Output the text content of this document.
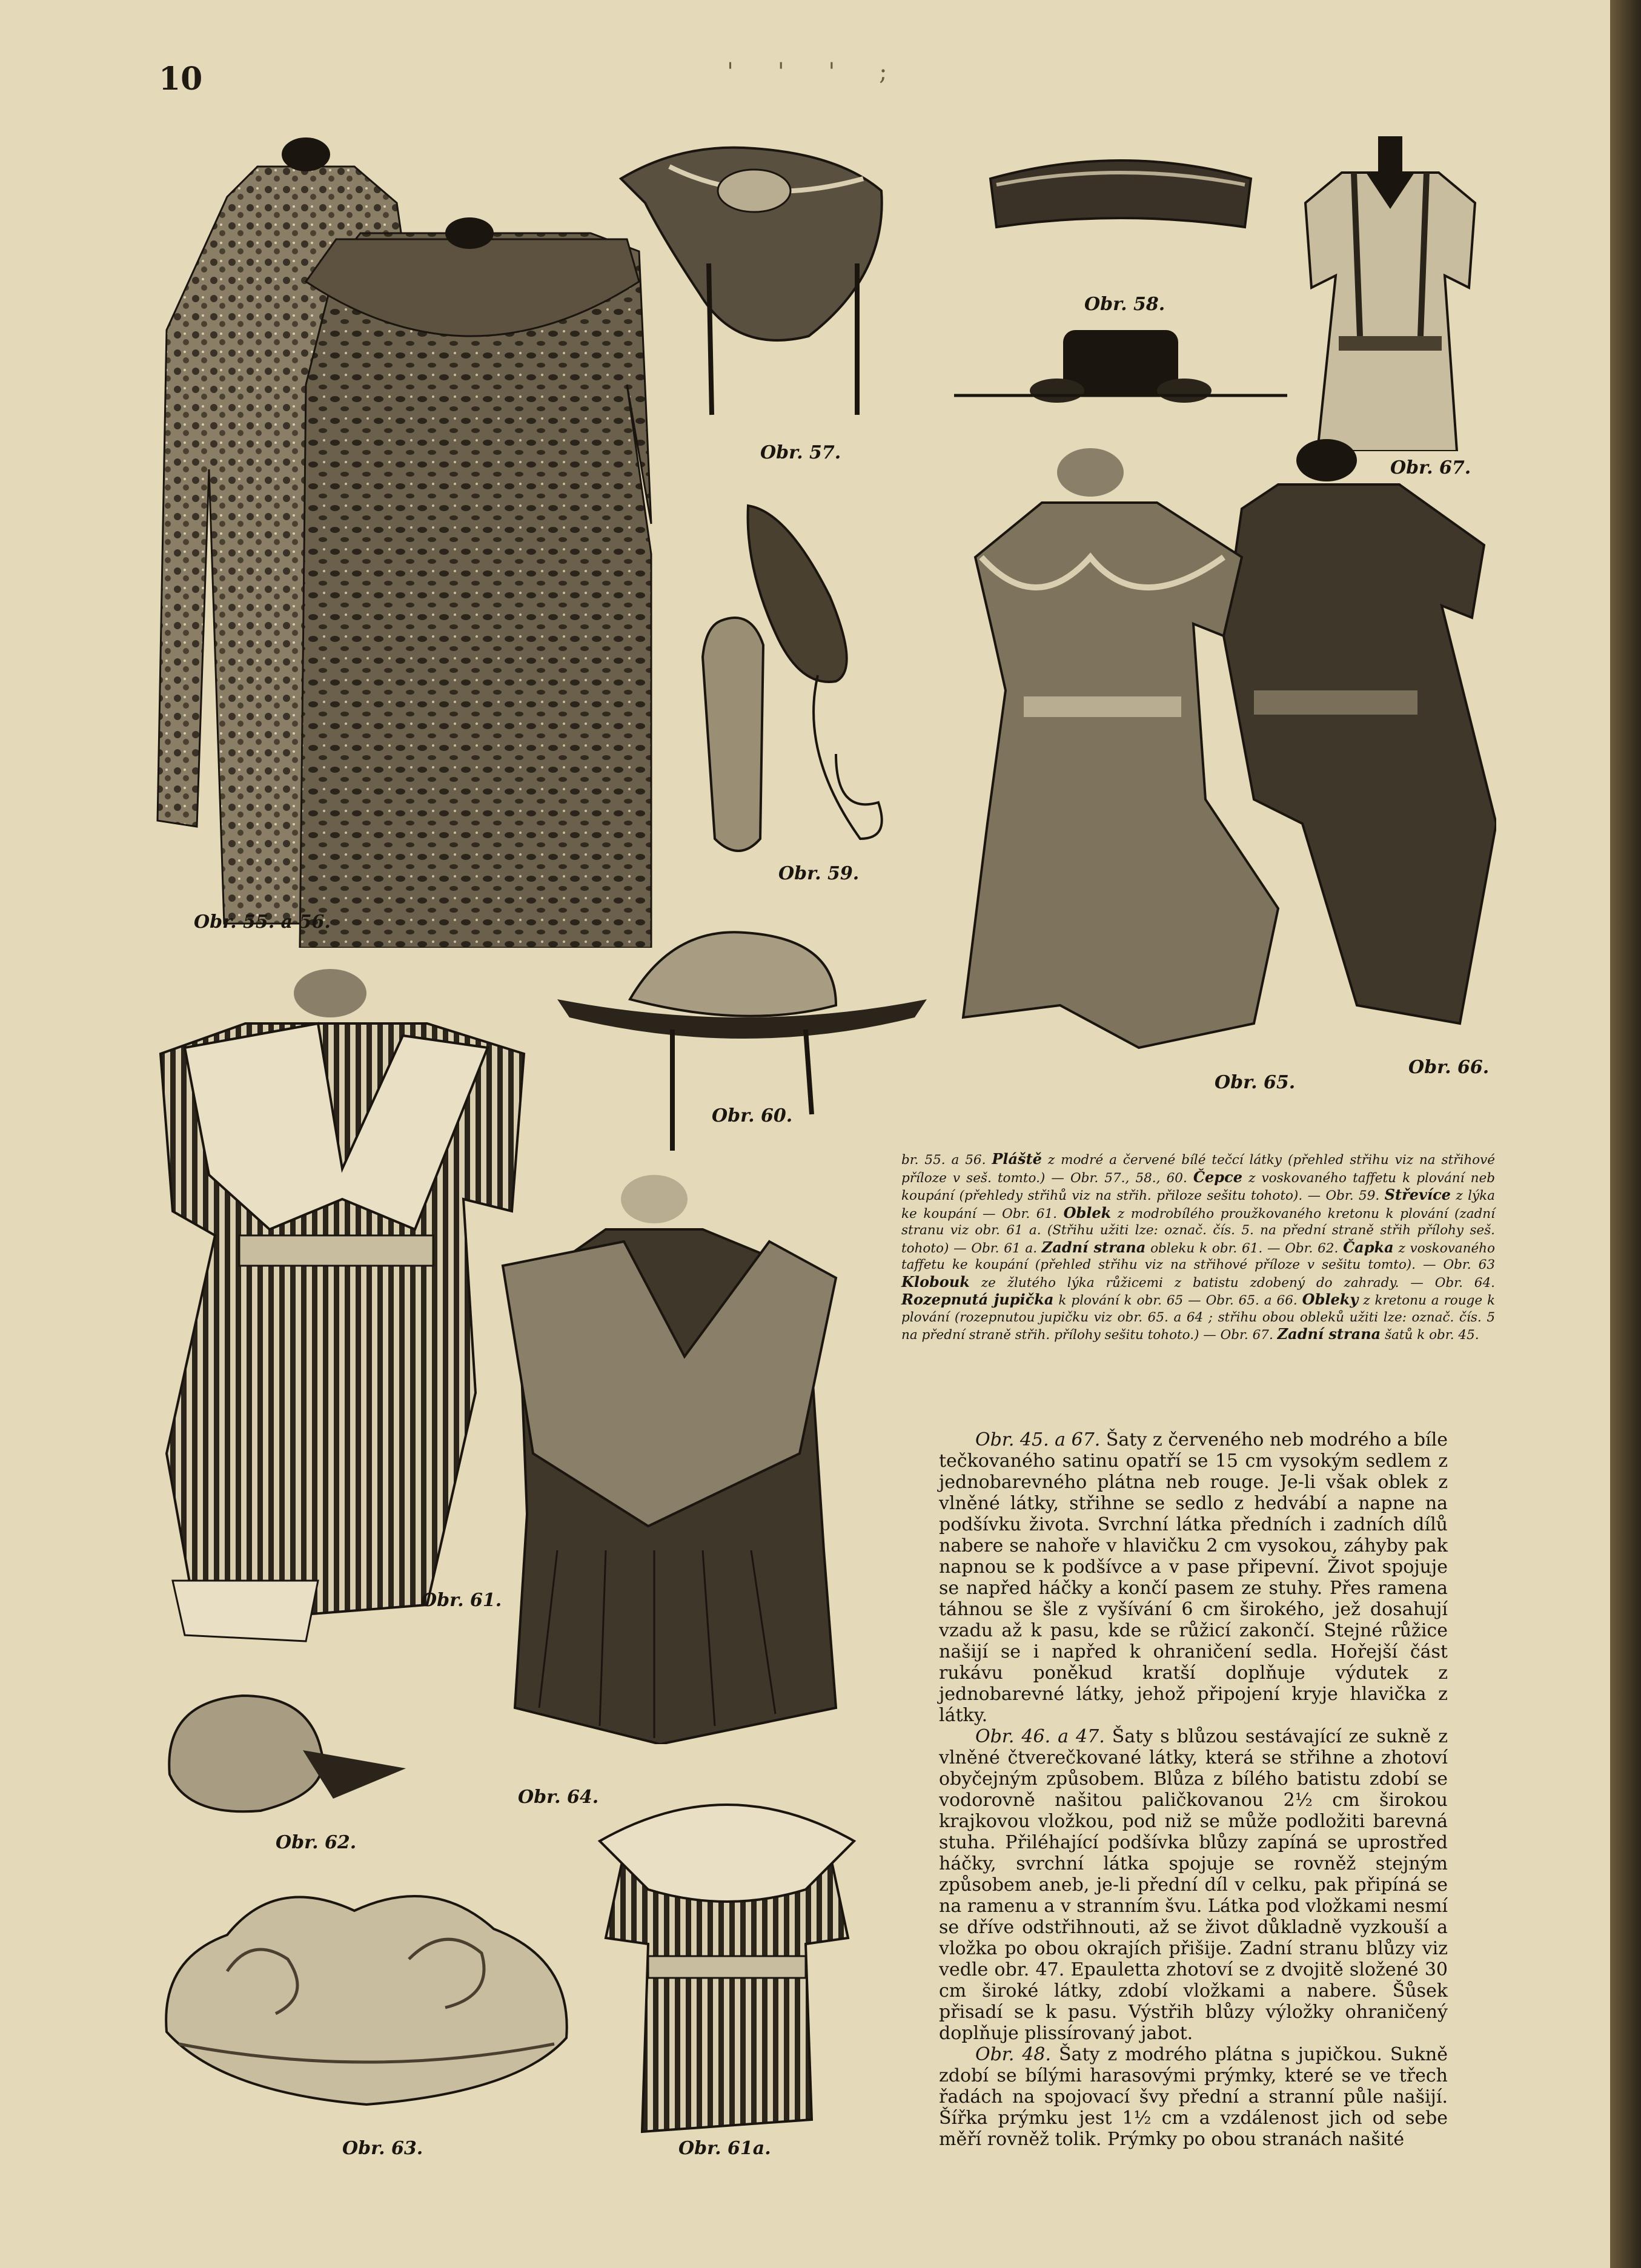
10	' ' ' ;
Obr. 55. a 56.
Obr. 57.
Obr. 58.
Obr. 59.
Obr. 67.
Obr. 65.
Obr. 66.
Obr. 60.
Obr. 61.
Obr. 64.
Obr. 62.
Obr. 63.	Obr. 61a.
br. 55. a 56. Pláště z modré a červené bílé tečcí látky (přehled střihu viz na střihové příloze v seš. tomto.) — Obr. 57., 58., 60. Čepce z voskovaného taffetu k plování neb koupání (přehledy střihů viz na střih. přiloze sešitu tohoto). — Obr. 59. Střevíce z lýka ke koupání — Obr. 61. Oblek z modrobílého proužkovaného kretonu k plování (zadní stranu viz obr. 61 a. (Střihu užiti lze: označ. čís. 5. na přední straně střih přílohy seš. tohoto) — Obr. 61 a. Zadní strana obleku k obr. 61. — Obr. 62. Čapka z voskovaného taffetu ke koupání (přehled střihu viz na střihové příloze v sešitu tomto). — Obr. 63 Klobouk ze žlutého lýka růžicemi z batistu zdobený do zahrady. — Obr. 64. Rozepnutá jupička k plování k obr. 65 — Obr. 65. a 66. Obleky z kretonu a rouge k plování (rozepnutou jupičku viz obr. 65. a 64 ; střihu obou obleků užiti lze: označ. čís. 5 na přední straně střih. přílohy sešitu tohoto.) — Obr. 67. Zadní strana šatů k obr. 45.

Obr. 45. a 67. Šaty z červeného neb modrého a bíle tečkovaného satinu opatří se 15 cm vysokým sedlem z jednobarevného plátna neb rouge. Je-li však oblek z vlněné látky, střihne se sedlo z hedvábí a napne na podšívku života. Svrchní látka předních i zadních dílů nabere se nahoře v hlavičku 2 cm vysokou, záhyby pak napnou se k podšívce a v pase připevní. Život spojuje se napřed háčky a končí pasem ze stuhy. Přes ramena táhnou se šle z vyšívání 6 cm širokého, jež dosahují vzadu až k pasu, kde se růžicí zakončí. Stejné růžice našijí se i napřed k ohraničení sedla. Hořejší část rukávu poněkud kratší doplňuje výdutek z jednobarevné látky, jehož připojení kryje hlavička z látky.

Obr. 46. a 47. Šaty s blůzou sestávající ze sukně z vlněné čtverečkované látky, která se střihne a zhotoví obyčejným způsobem. Blůza z bílého batistu zdobí se vodorovně našitou paličkovanou 2½ cm širokou krajkovou vložkou, pod niž se může podložiti barevná stuha. Přiléhající podšívka blůzy zapíná se uprostřed háčky, svrchní látka spojuje se rovněž stejným způsobem aneb, je-li přední díl v celku, pak připíná se na ramenu a v stranním švu. Látka pod vložkami nesmí se dříve odstřihnouti, až se život důkladně vyzkouší a vložka po obou okrajích přišije. Zadní stranu blůzy viz vedle obr. 47. Epauletta zhotoví se z dvojitě složené 30 cm široké látky, zdobí vložkami a nabere. Šůsek přisadí se k pasu. Výstřih blůzy výložky ohraničený doplňuje plissírovaný jabot.

Obr. 48. Šaty z modrého plátna s jupičkou. Sukně zdobí se bílými harasovými prýmky, které se ve třech řadách na spojovací švy přední a stranní půle našijí. Šířka prýmku jest 1½ cm a vzdálenost jich od sebe měří rovněž tolik. Prýmky po obou stranách našité
